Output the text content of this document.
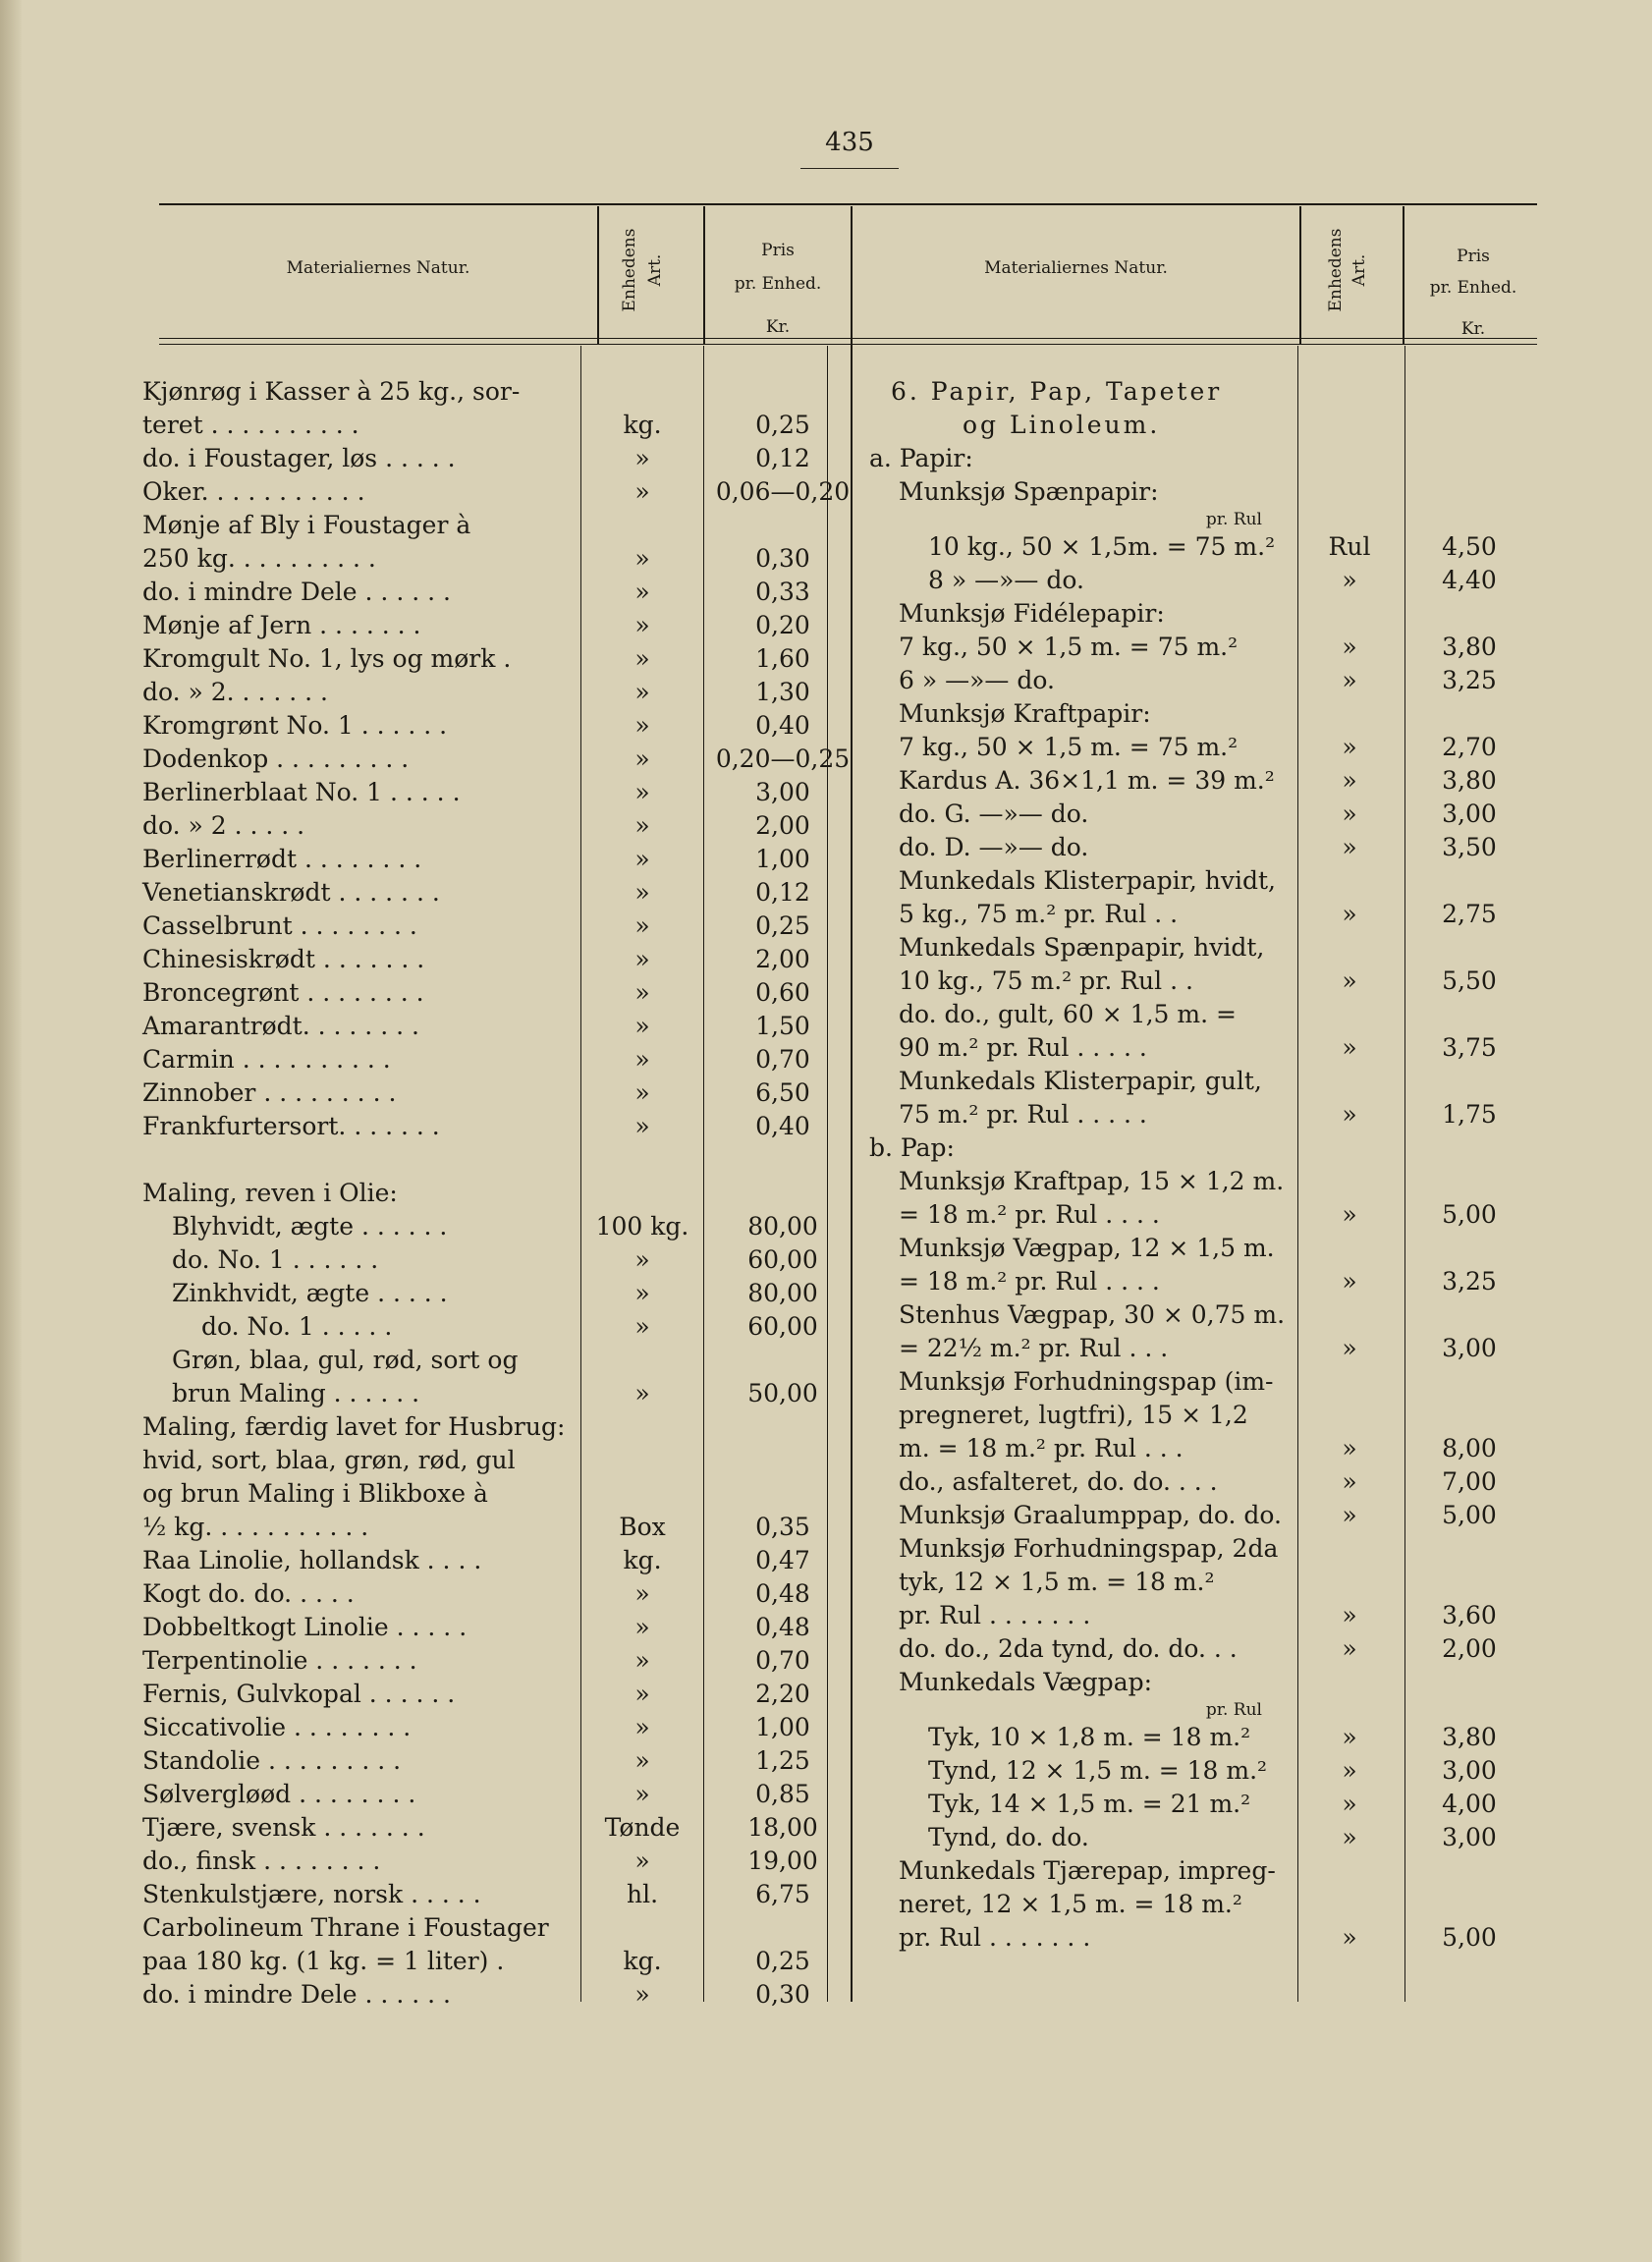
435
Materialiernes Natur.	Enhedens Art.
Pris
pr. Enhed.
Kr.
Materialiernes Natur.	Enhedens Art.	Pris
pr. Enhed.
Kr.
Kjønrøg i Kasser à 25 kg., sor-
teret . . . . . . . . . .	kg.	0,25
do. i Foustager, løs . . . . .	»	0,12
Oker. . . . . . . . . . .	»	0,06—0,20
Mønje af Bly i Foustager à
250 kg. . . . . . . . . .	»	0,30
do. i mindre Dele . . . . . .	»	0,33
Mønje af Jern . . . . . . .	»	0,20
Kromgult No. 1, lys og mørk .	»	1,60
do. » 2. . . . . . .	»	1,30
Kromgrønt No. 1 . . . . . .	»	0,40
Dodenkop . . . . . . . . .	»	0,20—0,25
Berlinerblaat No. 1 . . . . .	»	3,00
do. » 2 . . . . .	»	2,00
Berlinerrødt . . . . . . . .	»	1,00
Venetianskrødt . . . . . . .	»	0,12
Casselbrunt . . . . . . . .	»	0,25
Chinesiskrødt . . . . . . .	»	2,00
Broncegrønt . . . . . . . .	»	0,60
Amarantrødt. . . . . . . .	»	1,50
Carmin . . . . . . . . . .	»	0,70
Zinnober . . . . . . . . .	»	6,50
Frankfurtersort. . . . . . .	»	0,40
Maling, reven i Olie:
Blyhvidt, ægte . . . . . .	100 kg.	80,00
do. No. 1 . . . . . .	»	60,00
Zinkhvidt, ægte . . . . .	»	80,00
do. No. 1 . . . . .	»	60,00
Grøn, blaa, gul, rød, sort og
brun Maling . . . . . .	»	50,00
Maling, færdig lavet for Husbrug:
hvid, sort, blaa, grøn, rød, gul
og brun Maling i Blikboxe à
½ kg. . . . . . . . . . .	Box	0,35
Raa Linolie, hollandsk . . . .	kg.	0,47
Kogt do. do. . . . .	»	0,48
Dobbeltkogt Linolie . . . . .	»	0,48
Terpentinolie . . . . . . .	»	0,70
Fernis, Gulvkopal . . . . . .	»	2,20
Siccativolie . . . . . . . .	»	1,00
Standolie . . . . . . . . .	»	1,25
Sølvergløød . . . . . . . .	»	0,85
Tjære, svensk . . . . . . .	Tønde	18,00
do., finsk . . . . . . . .	»	19,00
Stenkulstjære, norsk . . . . .	hl.	6,75
Carbolineum Thrane i Foustager
paa 180 kg. (1 kg. = 1 liter) .	kg.	0,25
do. i mindre Dele . . . . . .	»	0,30
6. Papir, Pap, Tapeter
og Linoleum.
a. Papir:
Munksjø Spænpapir:
pr. Rul
10 kg., 50 × 1,5m. = 75 m.²	Rul	4,50
8 » —»— do.	»	4,40
Munksjø Fidélepapir:
7 kg., 50 × 1,5 m. = 75 m.²	»	3,80
6 » —»— do.	»	3,25
Munksjø Kraftpapir:
7 kg., 50 × 1,5 m. = 75 m.²	»	2,70
Kardus A. 36×1,1 m. = 39 m.²	»	3,80
do. G. —»— do.	»	3,00
do. D. —»— do.	»	3,50
Munkedals Klisterpapir, hvidt,
5 kg., 75 m.² pr. Rul . .	»	2,75
Munkedals Spænpapir, hvidt,
10 kg., 75 m.² pr. Rul . .	»	5,50
do. do., gult, 60 × 1,5 m. =
90 m.² pr. Rul . . . . .	»	3,75
Munkedals Klisterpapir, gult,
75 m.² pr. Rul . . . . .	»	1,75
b. Pap:
Munksjø Kraftpap, 15 × 1,2 m.
= 18 m.² pr. Rul . . . .	»	5,00
Munksjø Vægpap, 12 × 1,5 m.
= 18 m.² pr. Rul . . . .	»	3,25
Stenhus Vægpap, 30 × 0,75 m.
= 22½ m.² pr. Rul . . .	»	3,00
Munksjø Forhudningspap (im-
pregneret, lugtfri), 15 × 1,2
m. = 18 m.² pr. Rul . . .	»	8,00
do., asfalteret, do. do. . . .	»	7,00
Munksjø Graalumppap, do. do.	»	5,00
Munksjø Forhudningspap, 2da
tyk, 12 × 1,5 m. = 18 m.²
pr. Rul . . . . . . .	»	3,60
do. do., 2da tynd, do. do. . .	»	2,00
Munkedals Vægpap:
pr. Rul
Tyk, 10 × 1,8 m. = 18 m.²	»	3,80
Tynd, 12 × 1,5 m. = 18 m.²	»	3,00
Tyk, 14 × 1,5 m. = 21 m.²	»	4,00
Tynd, do. do.	»	3,00
Munkedals Tjærepap, impreg-
neret, 12 × 1,5 m. = 18 m.²
pr. Rul . . . . . . .	»	5,00
